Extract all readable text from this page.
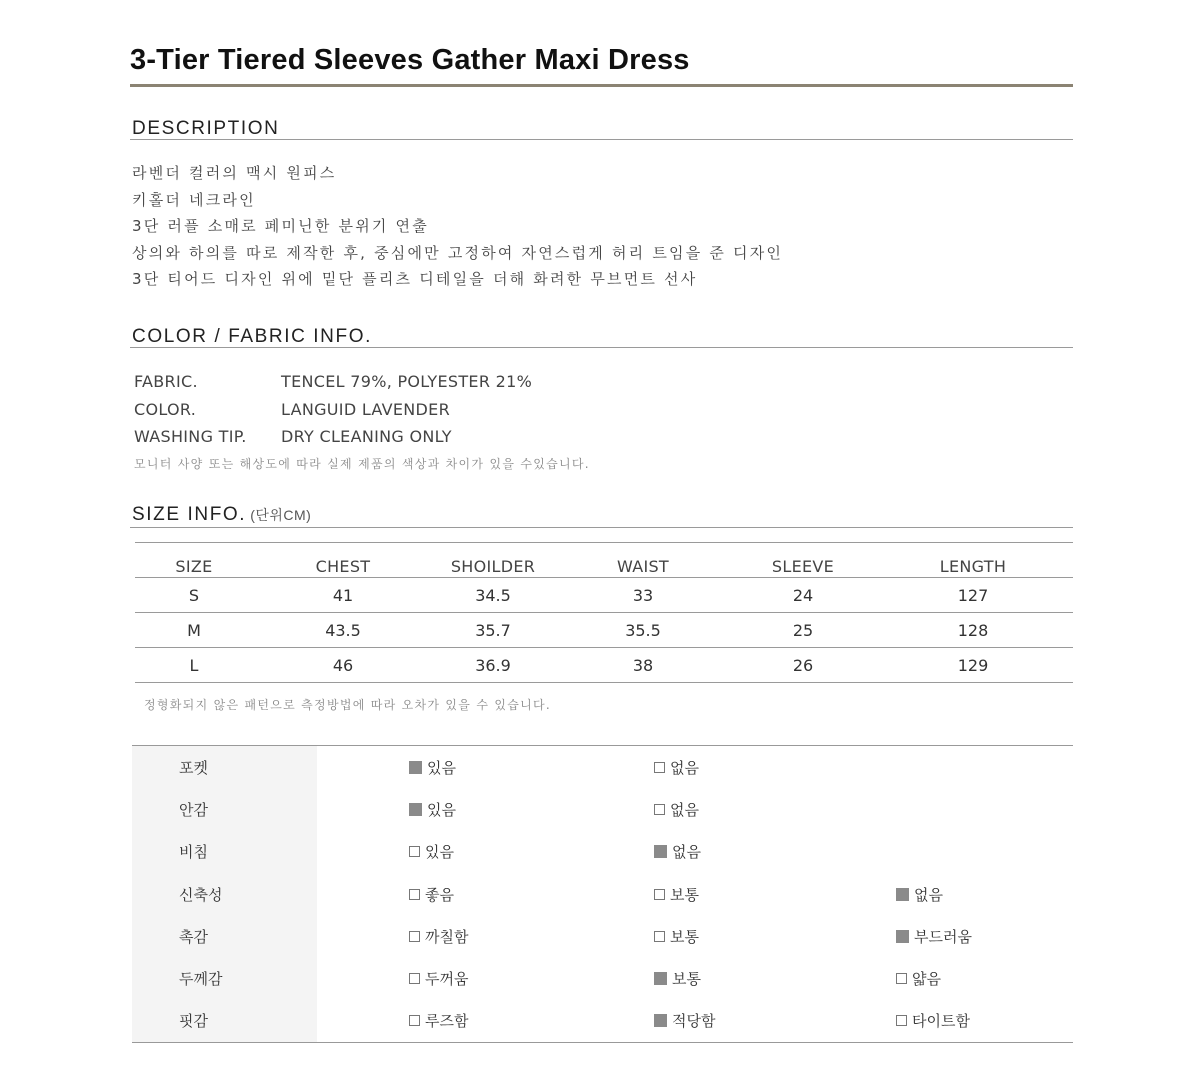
3-Tier Tiered Sleeves Gather Maxi Dress
DESCRIPTION
라벤더 컬러의 맥시 원피스
키홀더 네크라인
3단 러플 소매로 페미닌한 분위기 연출
상의와 하의를 따로 제작한 후, 중심에만 고정하여 자연스럽게 허리 트임을 준 디자인
3단 티어드 디자인 위에 밑단 플리츠 디테일을 더해 화려한 무브먼트 선사
COLOR / FABRIC INFO.
FABRIC.	TENCEL 79%, POLYESTER 21%
COLOR.	LANGUID LAVENDER
WASHING TIP. DRY CLEANING ONLY
모니터 사양 또는 해상도에 따라 실제 제품의 색상과 차이가 있을 수있습니다.
SIZE INFO. (단위CM)
SIZE	CHEST	SHOILDER	WAIST	SLEEVE	LENGTH
S	41	34.5	33	24	127
M	43.5	35.7	35.5	25	128
L	46	36.9	38	26	129
정형화되지 않은 패턴으로 측정방법에 따라 오차가 있을 수 있습니다.
포켓	있음	없음
안감	있음	없음
비침	있음	없음
신축성	좋음	보통	없음
촉감	까칠함	보통	부드러움
두께감	두꺼움	보통	얇음
핏감	루즈함	적당함	타이트함
